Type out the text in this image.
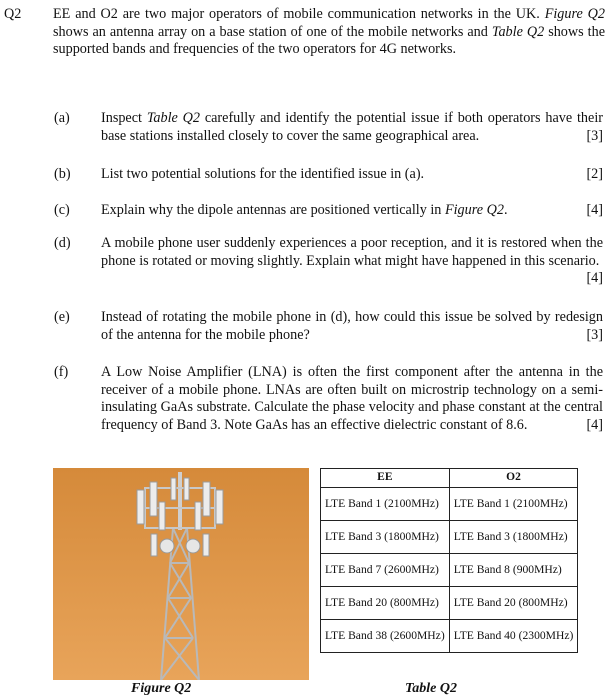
Q2 EE and O2 are two major operators of mobile communication networks in the UK. Figure Q2 shows an antenna array on a base station of one of the mobile networks and Table Q2 shows the supported bands and frequencies of the two operators for 4G networks.
(a) Inspect Table Q2 carefully and identify the potential issue if both operators have their base stations installed closely to cover the same geographical area.	[3]
(b) List two potential solutions for the identified issue in (a).	[2]
(c) Explain why the dipole antennas are positioned vertically in Figure Q2.	[4]
(d) A mobile phone user suddenly experiences a poor reception, and it is restored when the phone is rotated or moving slightly. Explain what might have happened in this scenario.
[4]
(e) Instead of rotating the mobile phone in (d), how could this issue be solved by redesign of the antenna for the mobile phone?	[3]
(f) A Low Noise Amplifier (LNA) is often the first component after the antenna in the receiver of a mobile phone. LNAs are often built on microstrip technology on a semi-insulating GaAs substrate. Calculate the phase velocity and phase constant at the central frequency of Band 3. Note GaAs has an effective dielectric constant of 8.6.	[4]
Figure Q2
EE	O2
LTE Band 1 (2100MHz)	LTE Band 1 (2100MHz)
LTE Band 3 (1800MHz)	LTE Band 3 (1800MHz)
LTE Band 7 (2600MHz)	LTE Band 8 (900MHz)
LTE Band 20 (800MHz)	LTE Band 20 (800MHz)
LTE Band 38 (2600MHz)	LTE Band 40 (2300MHz)
Table Q2
